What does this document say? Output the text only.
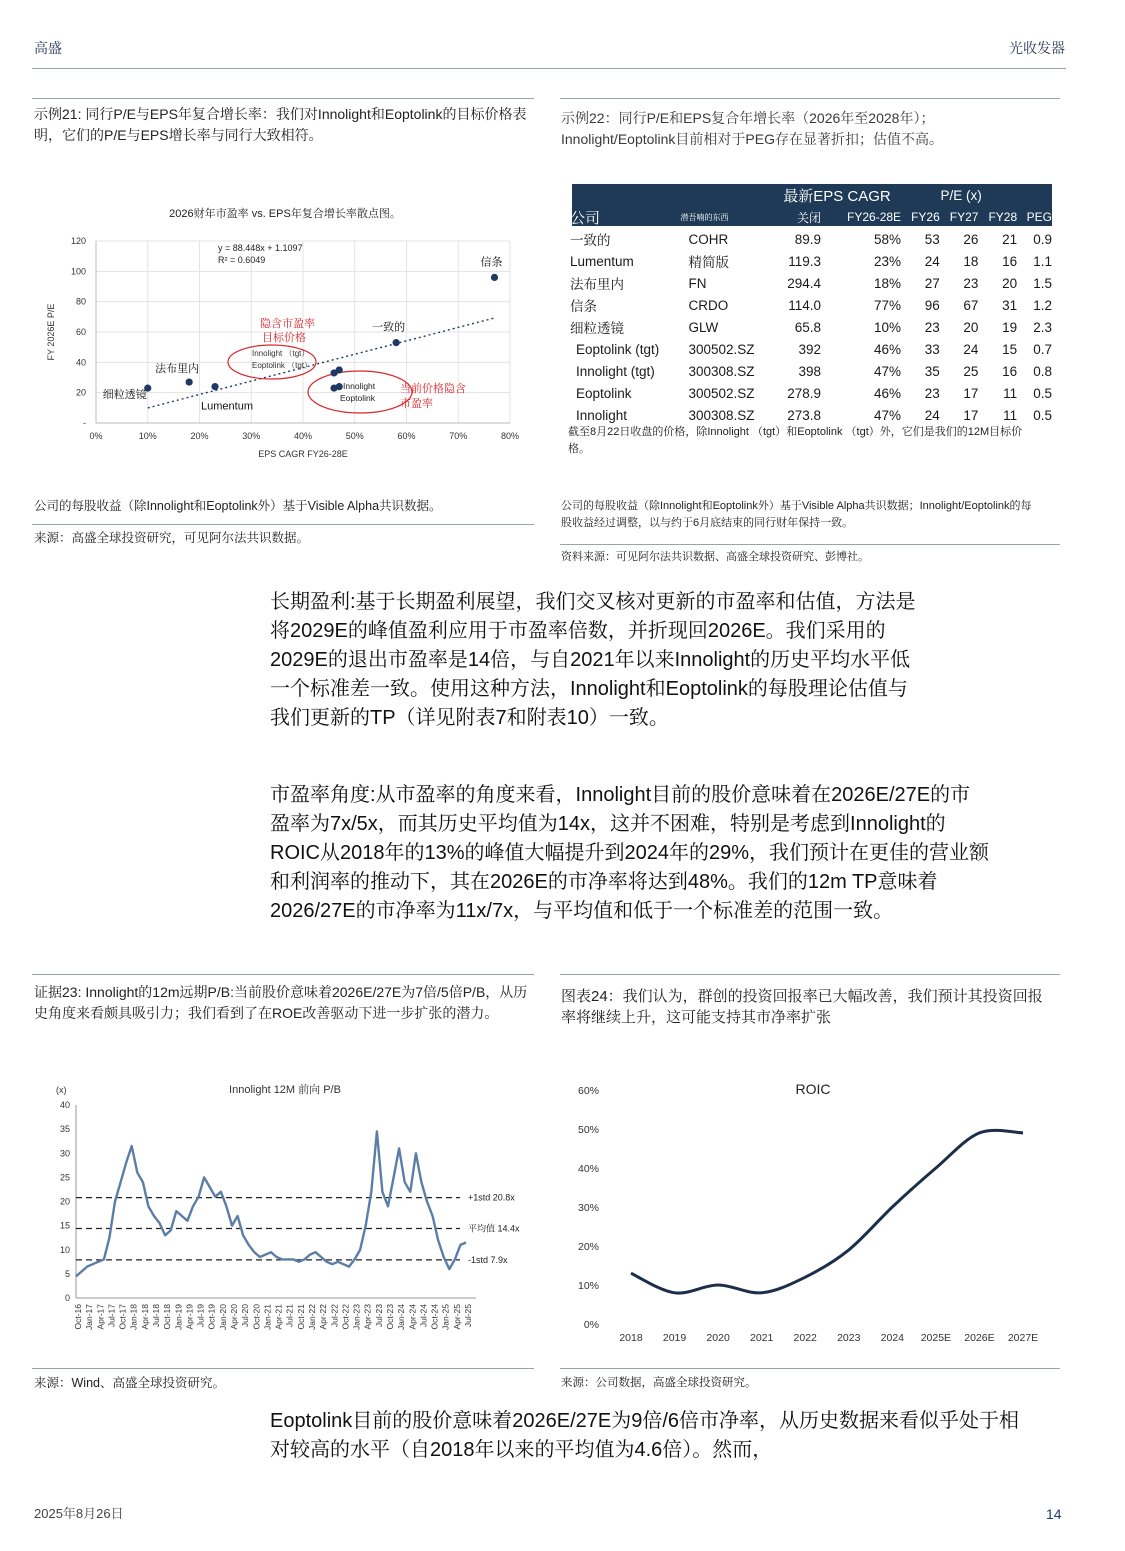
高盛	光收发器
示例21: 同行P/E与EPS年复合增长率：我们对Innolight和Eoptolink的目标价格表明，它们的P/E与EPS增长率与同行大致相符。
2026财年市盈率 vs. EPS年复合增长率散点图。
FY 2026E P/E
EPS CAGR FY26-28E
0%	10%	20%	30%	40%	50%	60%	70%	80%
-
20
40
60
80
100
120
y = 88.448x + 1.1097
R² = 0.6049
隐含市盈率
目标价格
当前价格隐含
市盈率
Innolight （tgt）
Eoptolink （tgt）
Innolight
Eoptolink
信条
一致的
法布里内
细粒透镜
Lumentum
公司的每股收益（除Innolight和Eoptolink外）基于Visible Alpha共识数据。
来源：高盛全球投资研究，可见阿尔法共识数据。
示例22：同行P/E和EPS复合年增长率（2026年至2028年）；Innolight/Eoptolink目前相对于PEG存在显著折扣；估值不高。
		最新EPS CAGR		P/E (x)			
公司	潜吾喃的东西	关闭	FY26-28E	FY26	FY27	FY28	PEG
一致的	COHR	89.9	58%	53	26	21	0.9
Lumentum	精简版	119.3	23%	24	18	16	1.1
法布里内	FN	294.4	18%	27	23	20	1.5
信条	CRDO	114.0	77%	96	67	31	1.2
细粒透镜	GLW	65.8	10%	23	20	19	2.3
Eoptolink (tgt)	300502.SZ	392	46%	33	24	15	0.7
Innolight (tgt)	300308.SZ	398	47%	35	25	16	0.8
Eoptolink	300502.SZ	278.9	46%	23	17	11	0.5
Innolight	300308.SZ	273.8	47%	24	17	11	0.5
截至8月22日收盘的价格，除Innolight （tgt）和Eoptolink （tgt）外，它们是我们的12M目标价格。
公司的每股收益（除Innolight和Eoptolink外）基于Visible Alpha共识数据；Innolight/Eoptolink的每股收益经过调整，以与约于6月底结束的同行财年保持一致。
资料来源：可见阿尔法共识数据、高盛全球投资研究、彭博社。
长期盈利:基于长期盈利展望，我们交叉核对更新的市盈率和估值，方法是
将2029E的峰值盈利应用于市盈率倍数，并折现回2026E。我们采用的
2029E的退出市盈率是14倍，与自2021年以来Innolight的历史平均水平低
一个标准差一致。使用这种方法，Innolight和Eoptolink的每股理论估值与
我们更新的TP（详见附表7和附表10）一致。
市盈率角度:从市盈率的角度来看，Innolight目前的股价意味着在2026E/27E的市
盈率为7x/5x，而其历史平均值为14x，这并不困难，特别是考虑到Innolight的
ROIC从2018年的13%的峰值大幅提升到2024年的29%，我们预计在更佳的营业额
和利润率的推动下，其在2026E的市净率将达到48%。我们的12m TP意味着
2026/27E的市净率为11x/7x，与平均值和低于一个标准差的范围一致。
证据23: Innolight的12m远期P/B:当前股价意味着2026E/27E为7倍/5倍P/B，从历史角度来看颇具吸引力；我们看到了在ROE改善驱动下进一步扩张的潜力。
(x)	Innolight 12M 前向 P/B
0
5
10
15
20
25
30
35
40
+1std 20.8x
平均值 14.4x
-1std 7.9x
Oct-16 Jan-17 Apr-17 Jul-17 Oct-17 Jan-18 Apr-18 Jul-18 Oct-18 Jan-19 Apr-19 Jul-19 Oct-19 Jan-20 Apr-20 Jul-20 Oct-20 Jan-21 Apr-21 Jul-21 Oct-21 Jan-22 Apr-22 Jul-22 Oct-22 Jan-23 Apr-23 Jul-23 Oct-23 Jan-24 Apr-24 Jul-24 Oct-24 Jan-25 Apr-25 Jul-25
来源：Wind、高盛全球投资研究。
图表24：我们认为，群创的投资回报率已大幅改善，我们预计其投资回报率将继续上升，这可能支持其市净率扩张
ROIC
0%
10%
20%
30%
40%
50%
60%
2018 2019 2020 2021 2022 2023 2024 2025E 2026E 2027E
来源：公司数据，高盛全球投资研究。
Eoptolink目前的股价意味着2026E/27E为9倍/6倍市净率，从历史数据来看似乎处于相
对较高的水平（自2018年以来的平均值为4.6倍）。然而，
2025年8月26日	14
